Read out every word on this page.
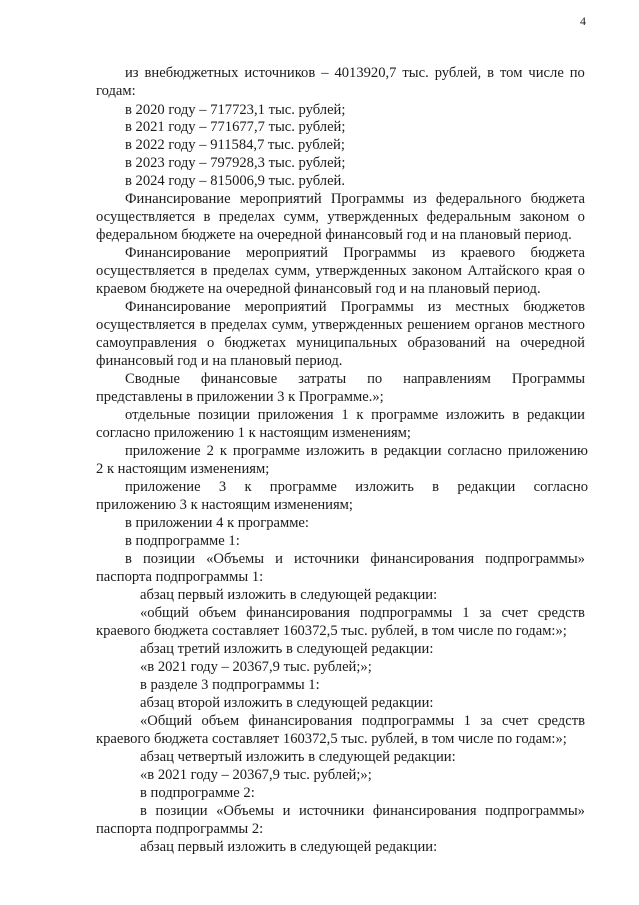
4
из внебюджетных источников – 4013920,7 тыс. рублей, в том числе по
годам:
в 2020 году – 717723,1 тыс. рублей;
в 2021 году – 771677,7 тыс. рублей;
в 2022 году – 911584,7 тыс. рублей;
в 2023 году – 797928,3 тыс. рублей;
в 2024 году – 815006,9 тыс. рублей.
Финансирование мероприятий Программы из федерального бюджета
осуществляется в пределах сумм, утвержденных федеральным законом о
федеральном бюджете на очередной финансовый год и на плановый период.
Финансирование мероприятий Программы из краевого бюджета
осуществляется в пределах сумм, утвержденных законом Алтайского края о
краевом бюджете на очередной финансовый год и на плановый период.
Финансирование мероприятий Программы из местных бюджетов
осуществляется в пределах сумм, утвержденных решением органов местного
самоуправления о бюджетах муниципальных образований на очередной
финансовый год и на плановый период.
Сводные финансовые затраты по направлениям Программы
представлены в приложении 3 к Программе.»;
отдельные позиции приложения 1 к программе изложить в редакции
согласно приложению 1 к настоящим изменениям;
приложение 2 к программе изложить в редакции согласно приложению
2 к настоящим изменениям;
приложение 3 к программе изложить в редакции согласно
приложению 3 к настоящим изменениям;
в приложении 4 к программе:
в подпрограмме 1:
в позиции «Объемы и источники финансирования подпрограммы»
паспорта подпрограммы 1:
абзац первый изложить в следующей редакции:
«общий объем финансирования подпрограммы 1 за счет средств
краевого бюджета составляет 160372,5 тыс. рублей, в том числе по годам:»;
абзац третий изложить в следующей редакции:
«в 2021 году – 20367,9 тыс. рублей;»;
в разделе 3 подпрограммы 1:
абзац второй изложить в следующей редакции:
«Общий объем финансирования подпрограммы 1 за счет средств
краевого бюджета составляет 160372,5 тыс. рублей, в том числе по годам:»;
абзац четвертый изложить в следующей редакции:
«в 2021 году – 20367,9 тыс. рублей;»;
в подпрограмме 2:
в позиции «Объемы и источники финансирования подпрограммы»
паспорта подпрограммы 2:
абзац первый изложить в следующей редакции:
